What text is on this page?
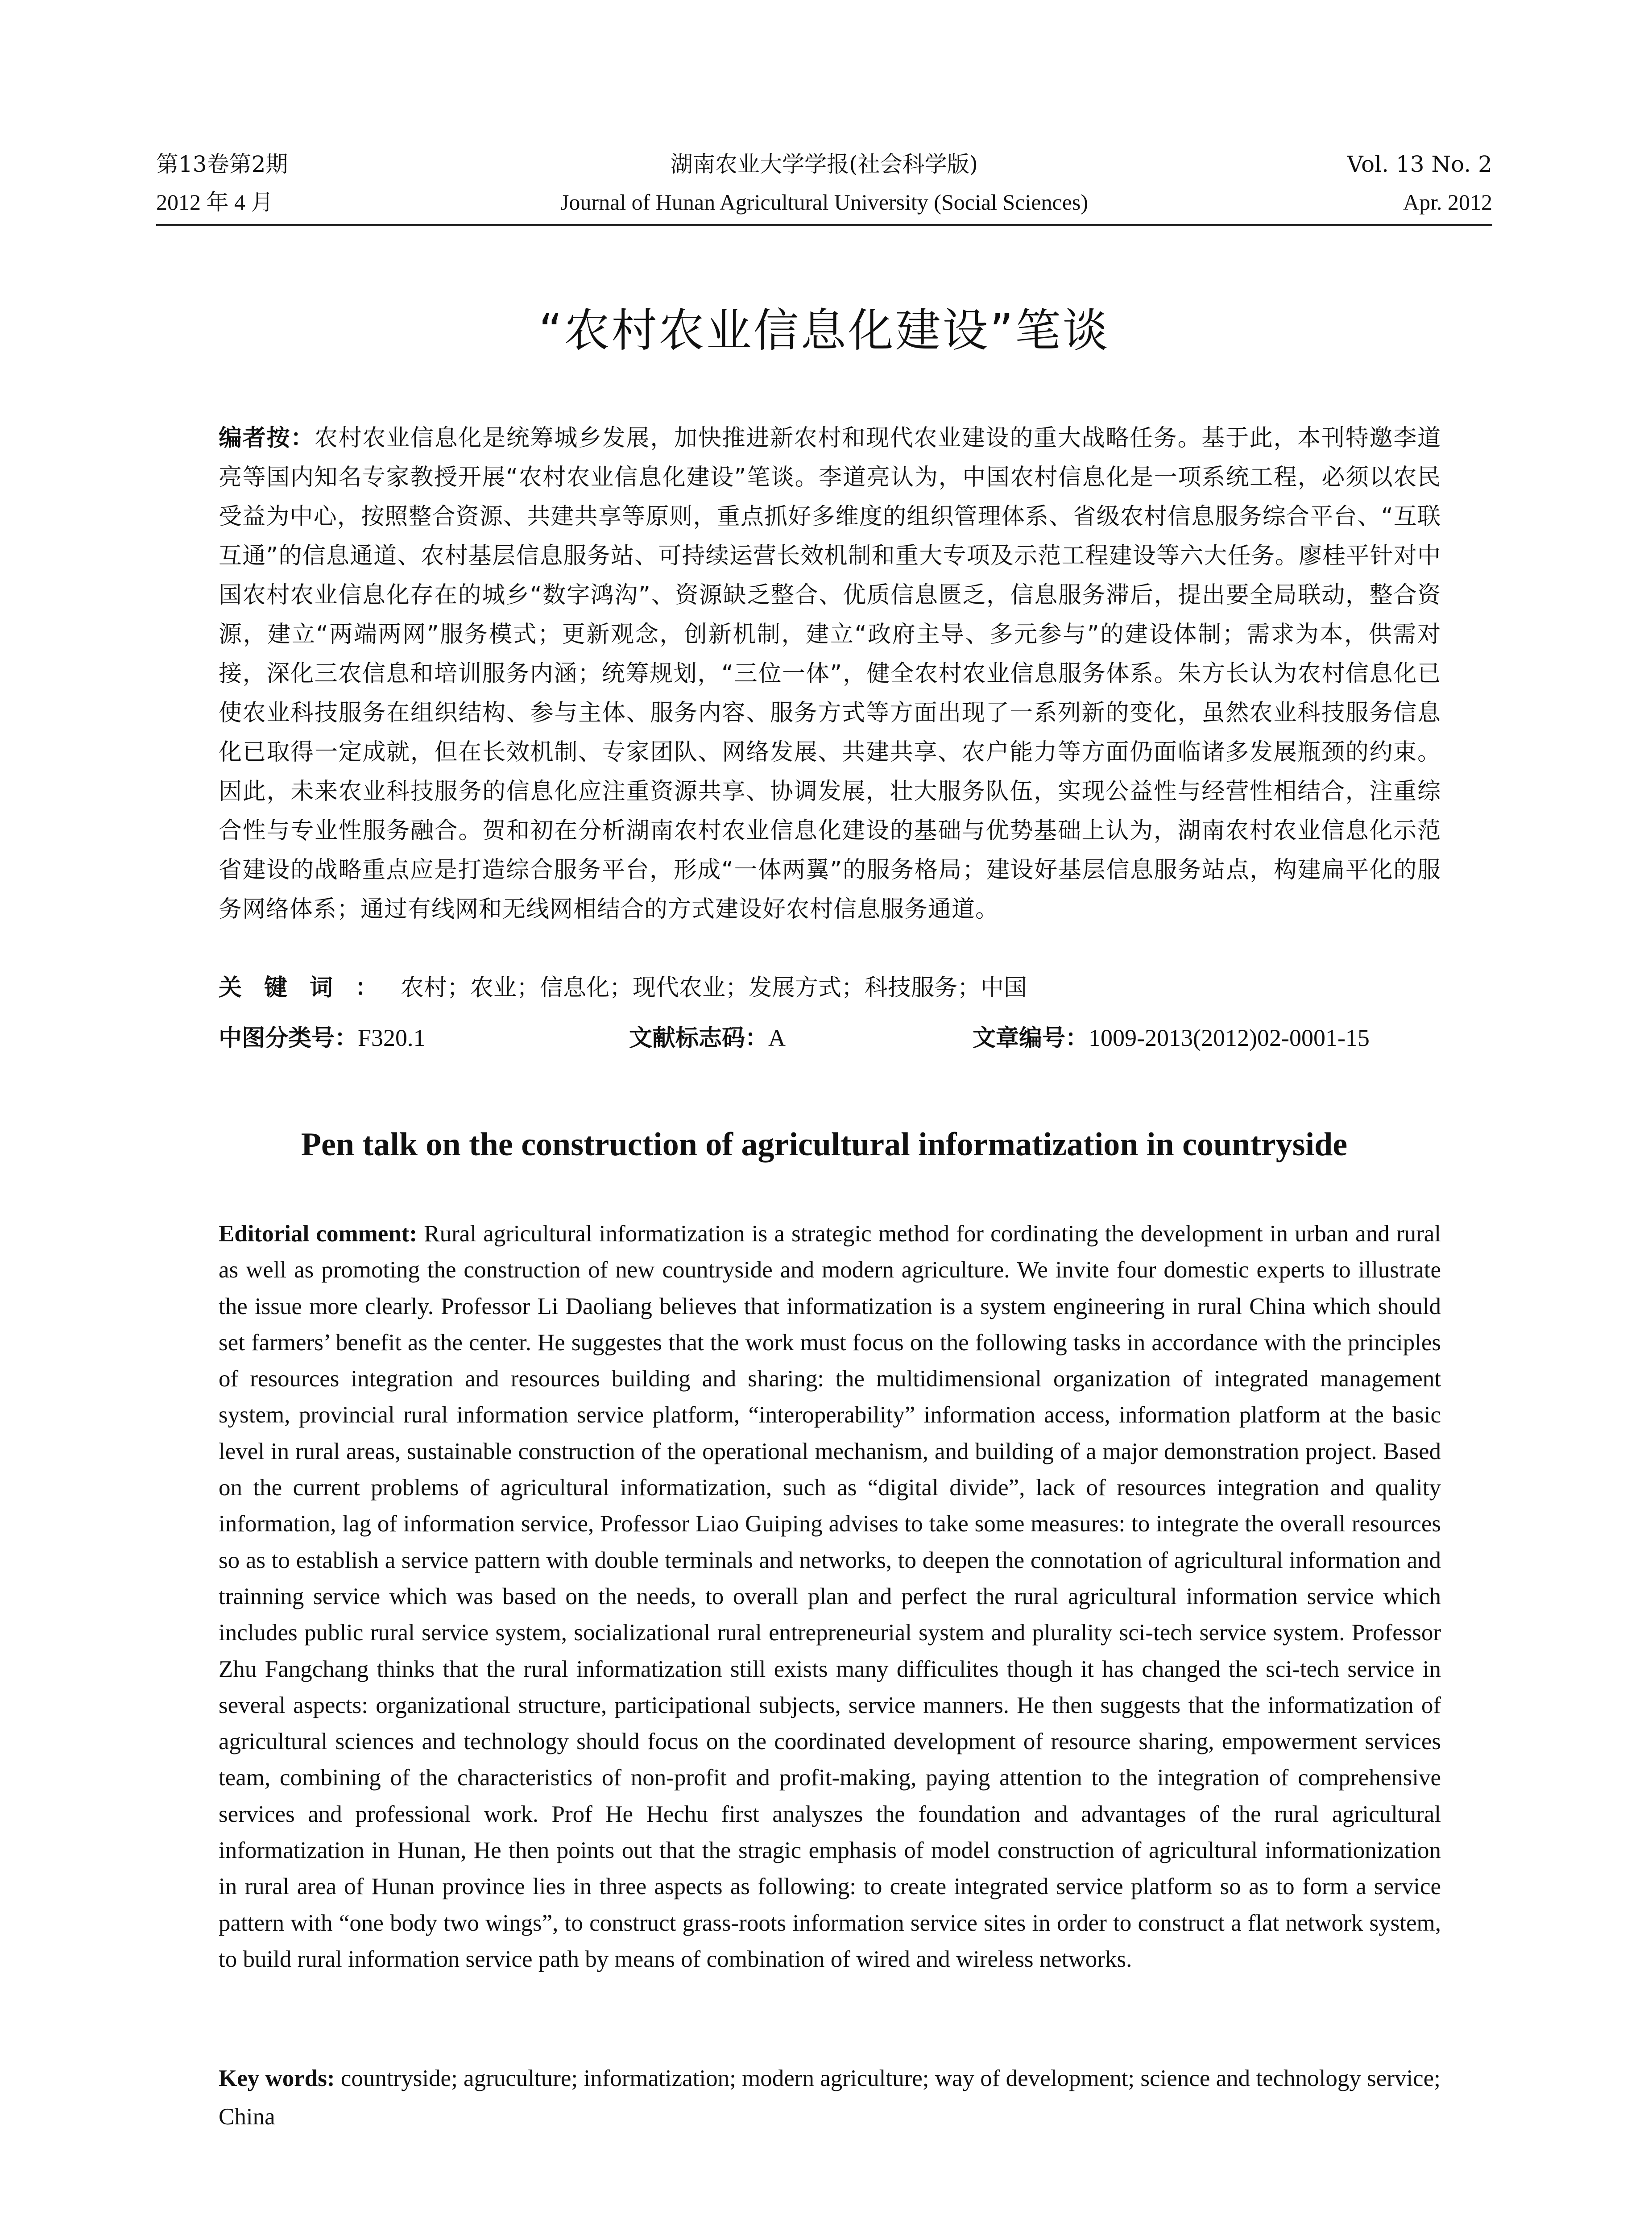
第13卷第2期	湖南农业大学学报(社会科学版)	Vol. 13 No. 2
2012 年 4 月	Journal of Hunan Agricultural University (Social Sciences)	Apr. 2012
“农村农业信息化建设”笔谈
编者按：农村农业信息化是统筹城乡发展，加快推进新农村和现代农业建设的重大战略任务。基于此，本刊特邀李道亮等国内知名专家教授开展“农村农业信息化建设”笔谈。李道亮认为，中国农村信息化是一项系统工程，必须以农民受益为中心，按照整合资源、共建共享等原则，重点抓好多维度的组织管理体系、省级农村信息服务综合平台、“互联互通”的信息通道、农村基层信息服务站、可持续运营长效机制和重大专项及示范工程建设等六大任务。廖桂平针对中国农村农业信息化存在的城乡“数字鸿沟”、资源缺乏整合、优质信息匮乏，信息服务滞后，提出要全局联动，整合资源，建立“两端两网”服务模式；更新观念，创新机制，建立“政府主导、多元参与”的建设体制；需求为本，供需对接，深化三农信息和培训服务内涵；统筹规划，“三位一体”，健全农村农业信息服务体系。朱方长认为农村信息化已使农业科技服务在组织结构、参与主体、服务内容、服务方式等方面出现了一系列新的变化，虽然农业科技服务信息化已取得一定成就，但在长效机制、专家团队、网络发展、共建共享、农户能力等方面仍面临诸多发展瓶颈的约束。因此，未来农业科技服务的信息化应注重资源共享、协调发展，壮大服务队伍，实现公益性与经营性相结合，注重综合性与专业性服务融合。贺和初在分析湖南农村农业信息化建设的基础与优势基础上认为，湖南农村农业信息化示范省建设的战略重点应是打造综合服务平台，形成“一体两翼”的服务格局；建设好基层信息服务站点，构建扁平化的服务网络体系；通过有线网和无线网相结合的方式建设好农村信息服务通道。
关键词：农村；农业；信息化；现代农业；发展方式；科技服务；中国
中图分类号：F320.1	文献标志码：A	文章编号：1009-2013(2012)02-0001-15
Pen talk on the construction of agricultural informatization in countryside
Editorial comment: Rural agricultural informatization is a strategic method for cordinating the development in urban and rural as well as promoting the construction of new countryside and modern agriculture. We invite four domestic experts to illustrate the issue more clearly. Professor Li Daoliang believes that informatization is a system engineering in rural China which should set farmers’ benefit as the center. He suggestes that the work must focus on the following tasks in accordance with the principles of resources integration and resources building and sharing: the multidimensional organization of integrated management system, provincial rural information service platform, “interoperability” information access, information platform at the basic level in rural areas, sustainable construction of the operational mechanism, and building of a major demonstration project. Based on the current problems of agricultural informatization, such as “digital divide”, lack of resources integration and quality information, lag of information service, Professor Liao Guiping advises to take some measures: to integrate the overall resources so as to establish a service pattern with double terminals and networks, to deepen the connotation of agricultural information and trainning service which was based on the needs, to overall plan and perfect the rural agricultural information service which includes public rural service system, socializational rural entrepreneurial system and plurality sci-tech service system. Professor Zhu Fangchang thinks that the rural informatization still exists many difficulites though it has changed the sci-tech service in several aspects: organizational structure, participational subjects, service manners. He then suggests that the informatization of agricultural sciences and technology should focus on the coordinated development of resource sharing, empowerment services team, combining of the characteristics of non-profit and profit-making, paying attention to the integration of comprehensive services and professional work. Prof He Hechu first analyszes the foundation and advantages of the rural agricultural informatization in Hunan, He then points out that the stragic emphasis of model construction of agricultural informationization in rural area of Hunan province lies in three aspects as following: to create integrated service platform so as to form a service pattern with “one body two wings”, to construct grass-roots information service sites in order to construct a flat network system, to build rural information service path by means of combination of wired and wireless networks.
Key words: countryside; agruculture; informatization; modern agriculture; way of development; science and technology service; China
